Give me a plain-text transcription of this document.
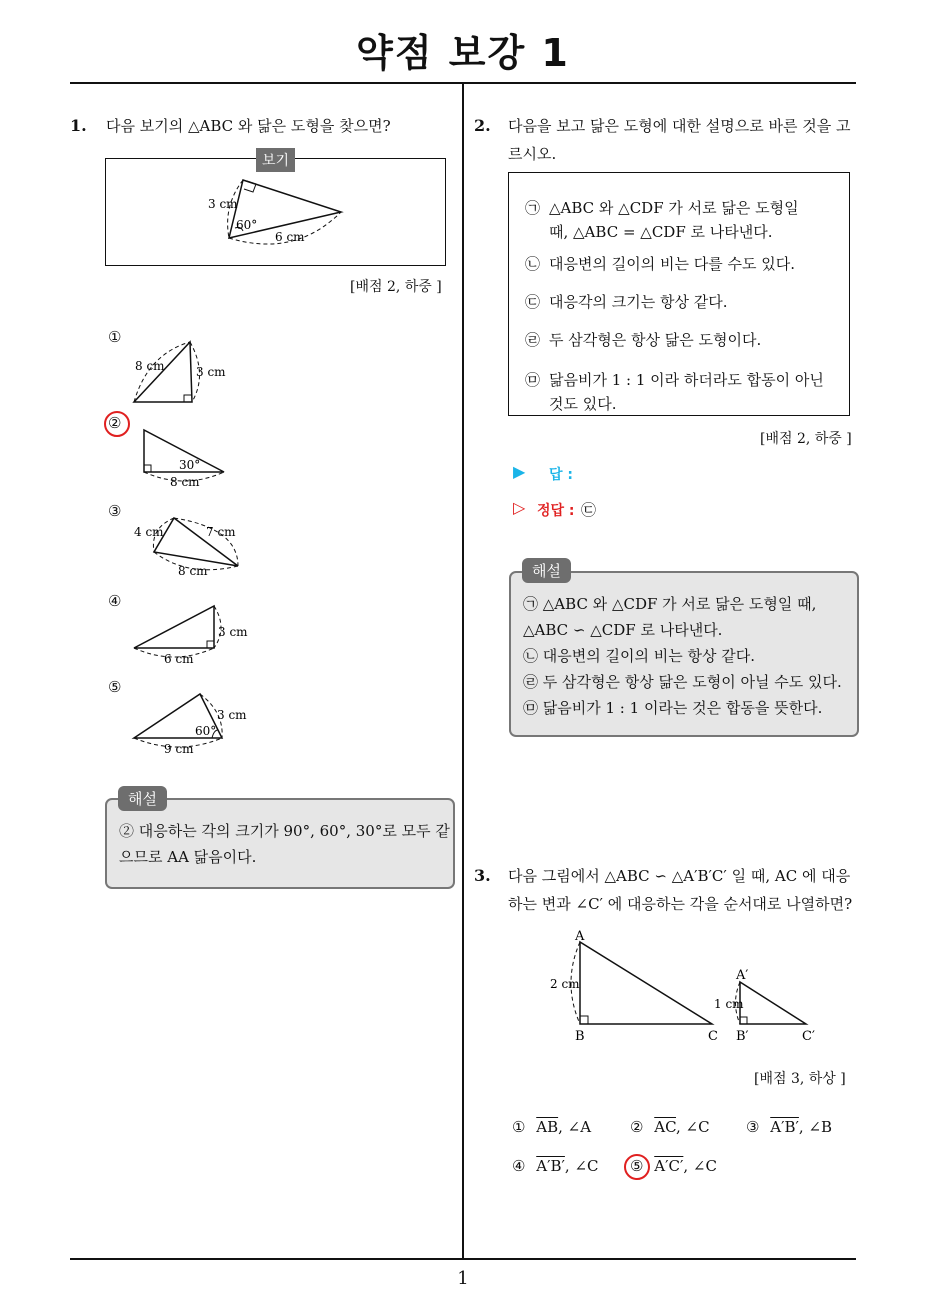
약점 보강 1
1
1. 다음 보기의 △ABC 와 닮은 도형을 찾으면?
보기
3 cm
60°
6 cm
[배점 2, 하중 ]
①
8 cm	3 cm
②
30°
8 cm
③
4 cm	7 cm
8 cm
④
3 cm
6 cm
⑤
3 cm
60°
9 cm
② 대응하는 각의 크기가 90°, 60°, 30°로 모두 같
으므로 AA 닮음이다.
해설
2. 다음을 보고 닮은 도형에 대한 설명으로 바른 것을 고
르시오.
㉠ △ABC 와 △CDF 가 서로 닮은 도형일
때, △ABC = △CDF 로 나타낸다.
㉡ 대응변의 길이의 비는 다를 수도 있다.
㉢ 대응각의 크기는 항상 같다.
㉣ 두 삼각형은 항상 닮은 도형이다.
㉤ 닮음비가 1 : 1 이라 하더라도 합동이 아닌
것도 있다.
[배점 2, 하중 ]
▶ 답 :
▷ 정답 : ㉢
㉠ △ABC 와 △CDF 가 서로 닮은 도형일 때,
△ABC ∽ △CDF 로 나타낸다.
㉡ 대응변의 길이의 비는 항상 같다.
㉣ 두 삼각형은 항상 닮은 도형이 아닐 수도 있다.
㉤ 닮음비가 1 : 1 이라는 것은 합동을 뜻한다.
해설
3. 다음 그림에서 △ABC ∽ △A′B′C′ 일 때, AC 에 대응
하는 변과 ∠C′ 에 대응하는 각을 순서대로 나열하면?
A
B	C
2 cm
A′
B′	C′
1 cm
[배점 3, 하상 ]
① $\overline{AB}$, ∠A	② $\overline{AC}$, ∠C ③ A′B′, ∠B
④ A′B′, ∠C ⑤ A′C′, ∠C
